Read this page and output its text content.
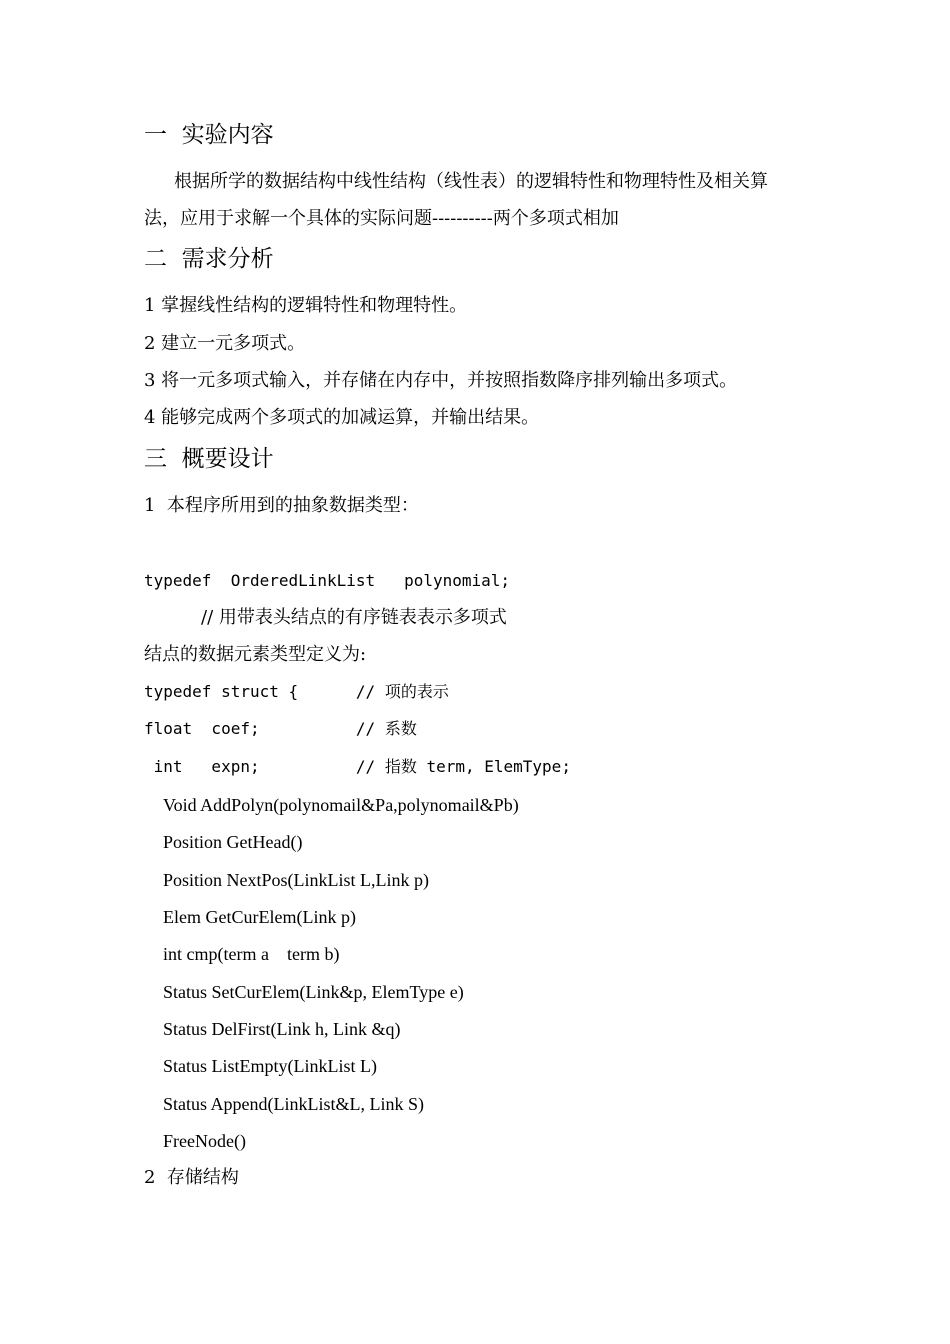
一  实验内容
根据所学的数据结构中线性结构（线性表）的逻辑特性和物理特性及相关算
法，应用于求解一个具体的实际问题----------两个多项式相加
二  需求分析
1 掌握线性结构的逻辑特性和物理特性。
2 建立一元多项式。
3 将一元多项式输入，并存储在内存中，并按照指数降序排列输出多项式。
4 能够完成两个多项式的加减运算，并输出结果。
三  概要设计
1  本程序所用到的抽象数据类型：
typedef  OrderedLinkList   polynomial;
// 用带表头结点的有序链表表示多项式
结点的数据元素类型定义为:
typedef struct {      // 项的表示
float  coef;          // 系数
int   expn;          // 指数 term, ElemType;
Void AddPolyn(polynomail&Pa,polynomail&Pb)
Position GetHead()
Position NextPos(LinkList L,Link p)
Elem GetCurElem(Link p)
int cmp(term a    term b)
Status SetCurElem(Link&p, ElemType e)
Status DelFirst(Link h, Link &q)
Status ListEmpty(LinkList L)
Status Append(LinkList&L, Link S)
FreeNode()
2  存储结构
